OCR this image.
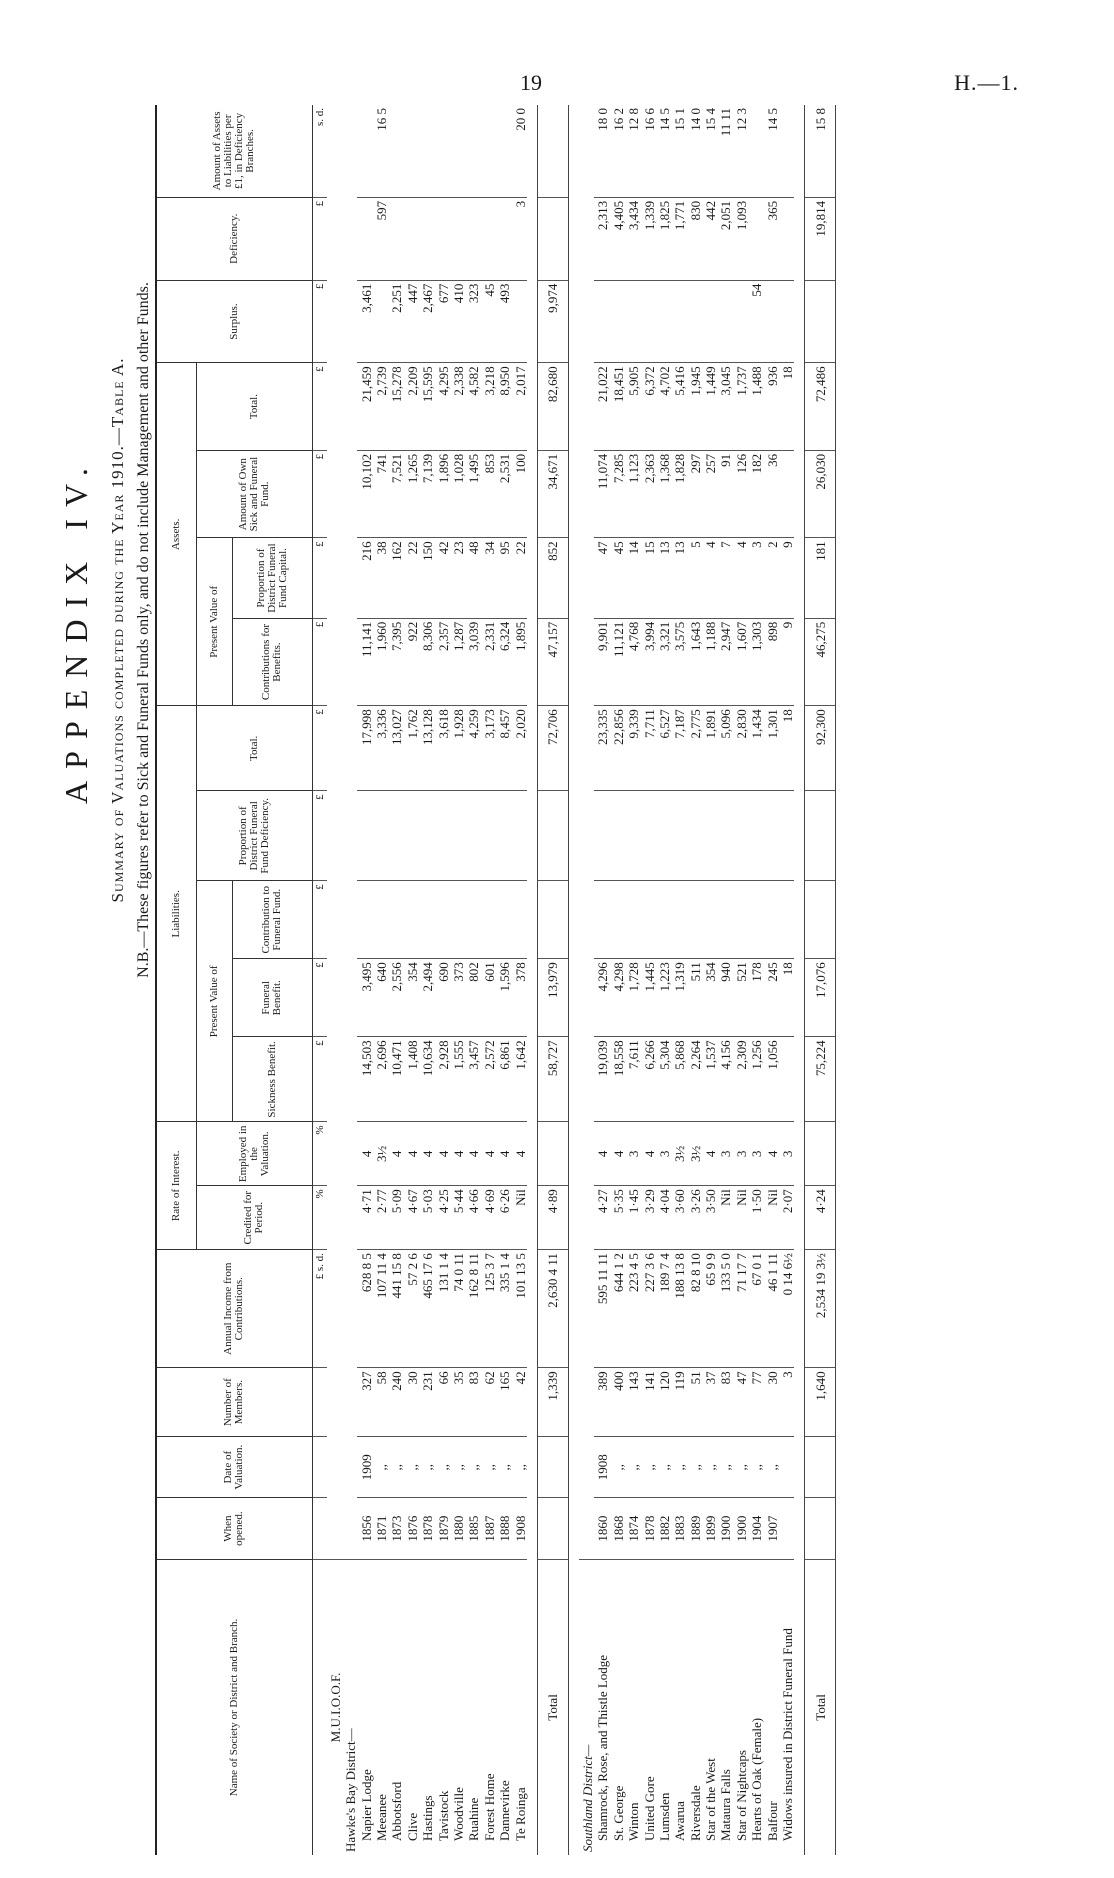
19	H.—1.
APPENDIX IV. Summary of Valuations completed during the Year 1910.—Table A. N.B.—These figures refer to Sick and Funeral Funds only, and do not include Management and other Funds.
Name of Society or District and Branch.	When opened.	Date of Valuation.	Number of Members.	Annual Income from Contributions.	Rate of Interest.		Liabilities.					Assets.				Surplus.	Deficiency.	Amount of Assets to Liabilities per £1, in Deficiency Branches.
					Credited for Period.	Employed in the Valuation.	Present Value of			Proportion of District Funeral Fund Deficiency.	Total.	Present Value of		Amount of Own Sick and Funeral Fund.	Total.			
							Sickness Benefit.	Funeral Benefit.	Contribution to Funeral Fund.			Contributions for Benefits.	Proportion of District Funeral Fund Capital.					
				£ s. d.	%	%	£	£	£	£	£	£	£	£	£	£	£	s. d.
M.U.I.O.O.F.																		
Hawke's Bay District—																		
Napier Lodge	1856	1909	327	628 8 5	4·71	4	14,503	3,495			17,998	11,141	216	10,102	21,459	3,461		
Meeanee	1871	,,	58	107 11 4	2·77	3½	2,696	640			3,336	1,960	38	741	2,739		597	16 5
Abbotsford	1873	,,	240	441 15 8	5·09	4	10,471	2,556			13,027	7,395	162	7,521	15,278	2,251		
Clive	1876	,,	30	57 2 6	4·67	4	1,408	354			1,762	922	22	1,265	2,209	447		
Hastings	1878	,,	231	465 17 6	5·03	4	10,634	2,494			13,128	8,306	150	7,139	15,595	2,467		
Tavistock	1879	,,	66	131 1 4	4·25	4	2,928	690			3,618	2,357	42	1,896	4,295	677		
Woodville	1880	,,	35	74 0 11	5·44	4	1,555	373			1,928	1,287	23	1,028	2,338	410		
Ruahine	1885	,,	83	162 8 11	4·66	4	3,457	802			4,259	3,039	48	1,495	4,582	323		
Forest Home	1887	,,	62	125 3 7	4·69	4	2,572	601			3,173	2,331	34	853	3,218	45		
Dannevirke	1888	,,	165	335 1 4	6·26	4	6,861	1,596			8,457	6,324	95	2,531	8,950	493		
Te Roinga	1908	,,	42	101 13 5	Nil	4	1,642	378			2,020	1,895	22	100	2,017		3	20 0

Total			1,339	2,630 4 11	4·89		58,727	13,979			72,706	47,157	852	34,671	82,680	9,974		

Southland District—																		
Shamrock, Rose, and Thistle Lodge	1860	1908	389	595 11 11	4·27	4	19,039	4,296			23,335	9,901	47	11,074	21,022		2,313	18 0
St. George	1868	,,	400	644 1 2	5·35	4	18,558	4,298			22,856	11,121	45	7,285	18,451		4,405	16 2
Winton	1874	,,	143	223 4 5	1·45	3	7,611	1,728			9,339	4,768	14	1,123	5,905		3,434	12 8
United Gore	1878	,,	141	227 3 6	3·29	4	6,266	1,445			7,711	3,994	15	2,363	6,372		1,339	16 6
Lumsden	1882	,,	120	189 7 4	4·04	3	5,304	1,223			6,527	3,321	13	1,368	4,702		1,825	14 5
Awarua	1883	,,	119	188 13 8	3·60	3½	5,868	1,319			7,187	3,575	13	1,828	5,416		1,771	15 1
Riversdale	1889	,,	51	82 8 10	3·26	3½	2,264	511			2,775	1,643	5	297	1,945		830	14 0
Star of the West	1899	,,	37	65 9 9	3·50	4	1,537	354			1,891	1,188	4	257	1,449		442	15 4
Mataura Falls	1900	,,	83	133 5 0	Nil	3	4,156	940			5,096	2,947	7	91	3,045		2,051	11 11
Star of Nightcaps	1900	,,	47	71 17 7	Nil	3	2,309	521			2,830	1,607	4	126	1,737		1,093	12 3
Hearts of Oak (Female)	1904	,,	77	67 0 1	1·50	3	1,256	178			1,434	1,303	3	182	1,488	54		
Balfour	1907	,,	30	46 1 11	Nil	4	1,056	245			1,301	898	2	36	936		365	14 5
Widows insured in District Funeral Fund			3	0 14 6½	2·07	3		18			18	9	9		18			

Total			1,640	2,534 19 3½	4·24		75,224	17,076			92,300	46,275	181	26,030	72,486		19,814	15 8
